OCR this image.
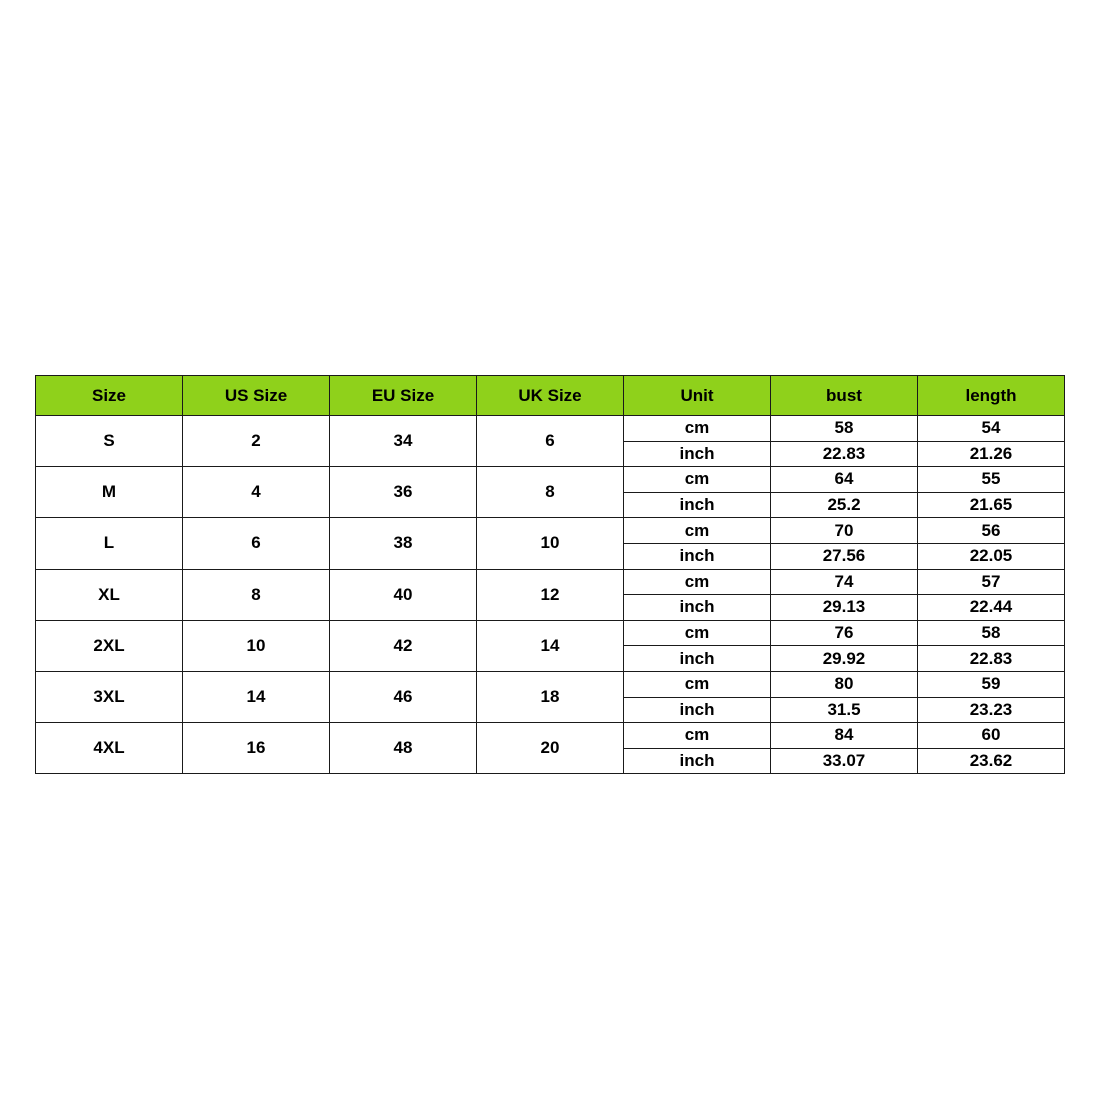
Size	US Size	EU Size	UK Size	Unit	bust	length
S	2	34	6	cm	58	54
				inch	22.83	21.26
M	4	36	8	cm	64	55
				inch	25.2	21.65
L	6	38	10	cm	70	56
				inch	27.56	22.05
XL	8	40	12	cm	74	57
				inch	29.13	22.44
2XL	10	42	14	cm	76	58
				inch	29.92	22.83
3XL	14	46	18	cm	80	59
				inch	31.5	23.23
4XL	16	48	20	cm	84	60
				inch	33.07	23.62
